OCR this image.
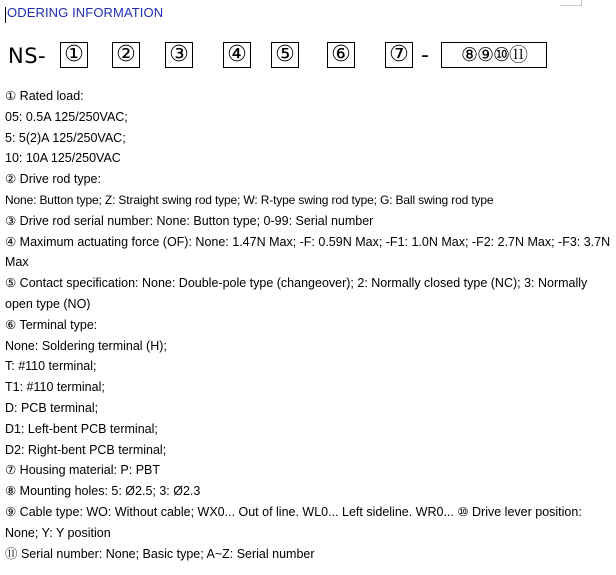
ODERING INFORMATION
NS- ① ② ③ ④ ⑤ ⑥ ⑦ -	⑧⑨⑩⑪
① Rated load:
05: 0.5A 125/250VAC;
5: 5(2)A 125/250VAC;
10: 10A 125/250VAC
② Drive rod type:
None: Button type; Z: Straight swing rod type; W: R-type swing rod type; G: Ball swing rod type
③ Drive rod serial number: None: Button type; 0-99: Serial number
④ Maximum actuating force (OF): None: 1.47N Max; -F: 0.59N Max; -F1: 1.0N Max; -F2: 2.7N Max; -F3: 3.7N Max
⑤ Contact specification: None: Double-pole type (changeover); 2: Normally closed type (NC); 3: Normally open type (NO)
⑥ Terminal type:
None: Soldering terminal (H);
T: #110 terminal;
T1: #110 terminal;
D: PCB terminal;
D1: Left-bent PCB terminal;
D2: Right-bent PCB terminal;
⑦ Housing material: P: PBT
⑧ Mounting holes: 5: Ø2.5; 3: Ø2.3
⑨ Cable type: WO: Without cable; WX0... Out of line. WL0... Left sideline. WR0... ⑩ Drive lever position: None; Y: Y position
⑪ Serial number: None; Basic type; A~Z: Serial number
